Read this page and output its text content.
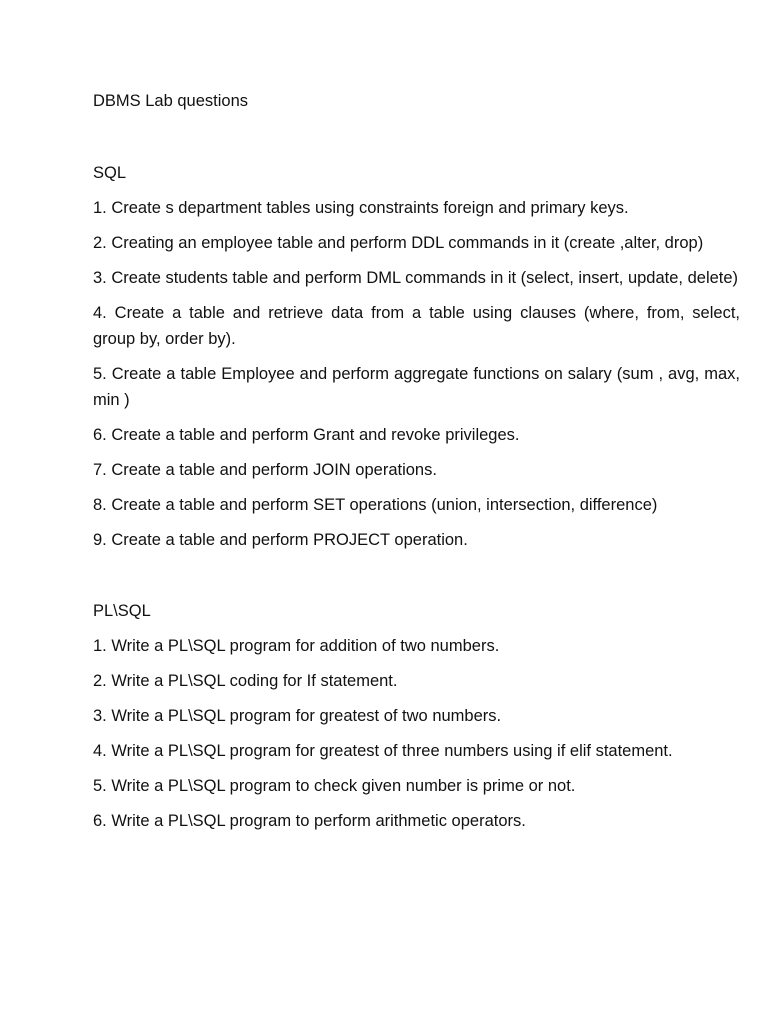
DBMS Lab questions

SQL

1. Create s department tables using constraints foreign and primary keys.
2. Creating an employee table and perform DDL commands in it (create ,alter, drop)
3. Create students table and perform DML commands in it (select, insert, update, delete)
4. Create a table and retrieve data from a table using clauses (where, from, select, group by, order by).
5. Create a table Employee and perform aggregate functions on salary (sum , avg, max, min )
6. Create a table and perform Grant and revoke privileges.
7. Create a table and perform JOIN operations.
8. Create a table and perform SET operations (union, intersection, difference)
9. Create a table and perform PROJECT operation.

PL\SQL

1. Write a PL\SQL program for addition of two numbers.
2. Write a PL\SQL coding for If statement.
3. Write a PL\SQL program for greatest of two numbers.
4. Write a PL\SQL program for greatest of three numbers using if elif statement.
5. Write a PL\SQL program to check given number is prime or not.
6. Write a PL\SQL program to perform arithmetic operators.
